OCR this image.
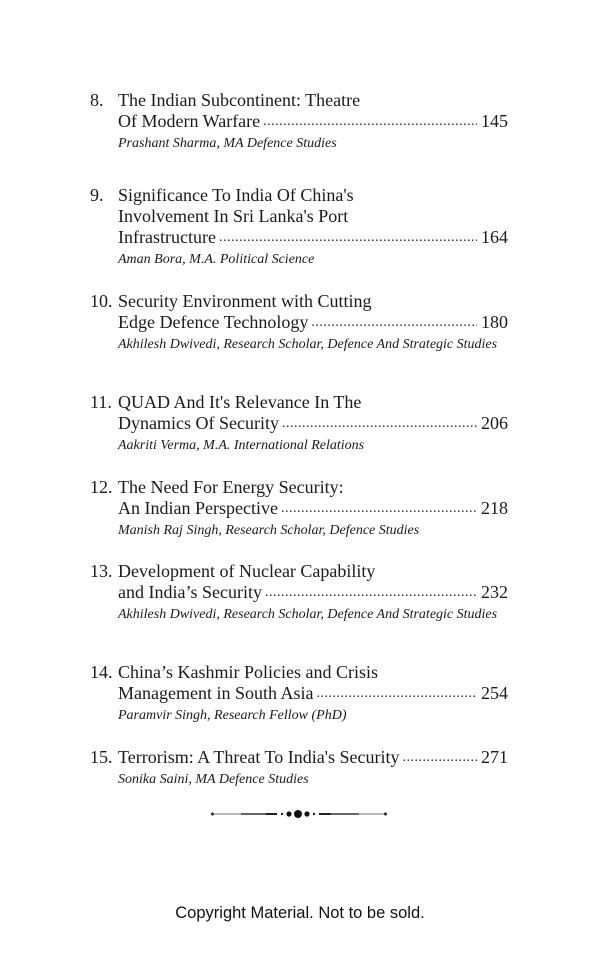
8. The Indian Subcontinent: Theatre
Of Modern Warfare .....	145
Prashant Sharma, MA Defence Studies
9. Significance To India Of China's
Involvement In Sri Lanka's Port
Infrastructure .....	164
Aman Bora, M.A. Political Science
10. Security Environment with Cutting
Edge Defence Technology .....	180
Akhilesh Dwivedi, Research Scholar, Defence And Strategic Studies
11. QUAD And It's Relevance In The
Dynamics Of Security .....	206
Aakriti Verma, M.A. International Relations
12. The Need For Energy Security:
An Indian Perspective .....	218
Manish Raj Singh, Research Scholar, Defence Studies
13. Development of Nuclear Capability
and India’s Security .....	232
Akhilesh Dwivedi, Research Scholar, Defence And Strategic Studies
14. China’s Kashmir Policies and Crisis
Management in South Asia .....	254
Paramvir Singh, Research Fellow (PhD)
15. Terrorism: A Threat To India's Security .....	271
Sonika Saini, MA Defence Studies
Copyright Material. Not to be sold.
